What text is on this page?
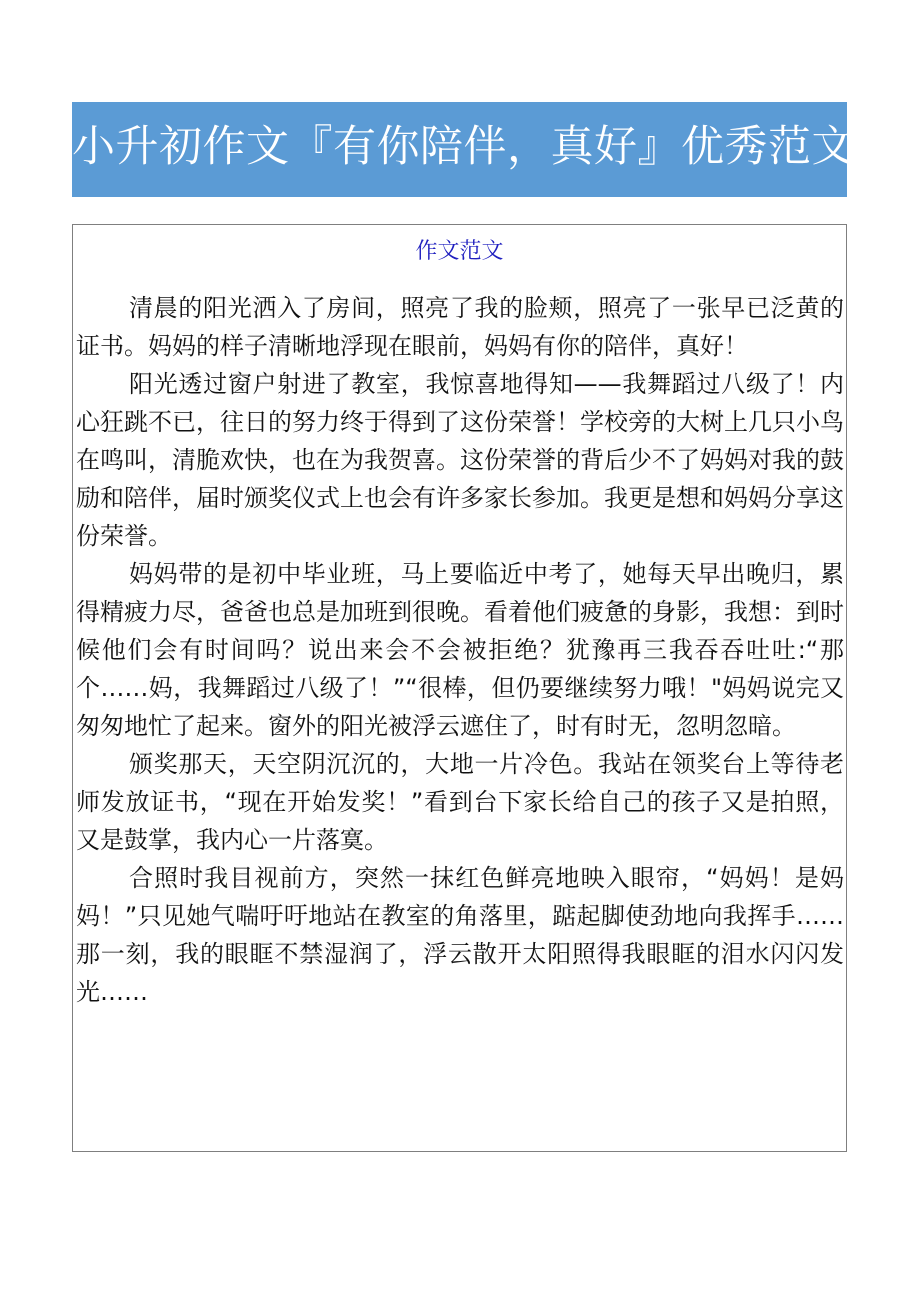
小升初作文『有你陪伴，真好』优秀范文
作文范文

清晨的阳光洒入了房间，照亮了我的脸颊，照亮了一张早已泛黄的证书。妈妈的样子清晰地浮现在眼前，妈妈有你的陪伴，真好！

阳光透过窗户射进了教室，我惊喜地得知——我舞蹈过八级了！内心狂跳不已，往日的努力终于得到了这份荣誉！学校旁的大树上几只小鸟在鸣叫，清脆欢快，也在为我贺喜。这份荣誉的背后少不了妈妈对我的鼓励和陪伴，届时颁奖仪式上也会有许多家长参加。我更是想和妈妈分享这份荣誉。

妈妈带的是初中毕业班，马上要临近中考了，她每天早出晚归，累得精疲力尽，爸爸也总是加班到很晚。看着他们疲惫的身影，我想：到时候他们会有时间吗？说出来会不会被拒绝？犹豫再三我吞吞吐吐:“那个……妈，我舞蹈过八级了！”“很棒，但仍要继续努力哦！"妈妈说完又匆匆地忙了起来。窗外的阳光被浮云遮住了，时有时无，忽明忽暗。

颁奖那天，天空阴沉沉的，大地一片冷色。我站在领奖台上等待老师发放证书，“现在开始发奖！”看到台下家长给自己的孩子又是拍照，又是鼓掌，我内心一片落寞。

合照时我目视前方，突然一抹红色鲜亮地映入眼帘，“妈妈！是妈妈！”只见她气喘吁吁地站在教室的角落里，踮起脚使劲地向我挥手……那一刻，我的眼眶不禁湿润了，浮云散开太阳照得我眼眶的泪水闪闪发光……
